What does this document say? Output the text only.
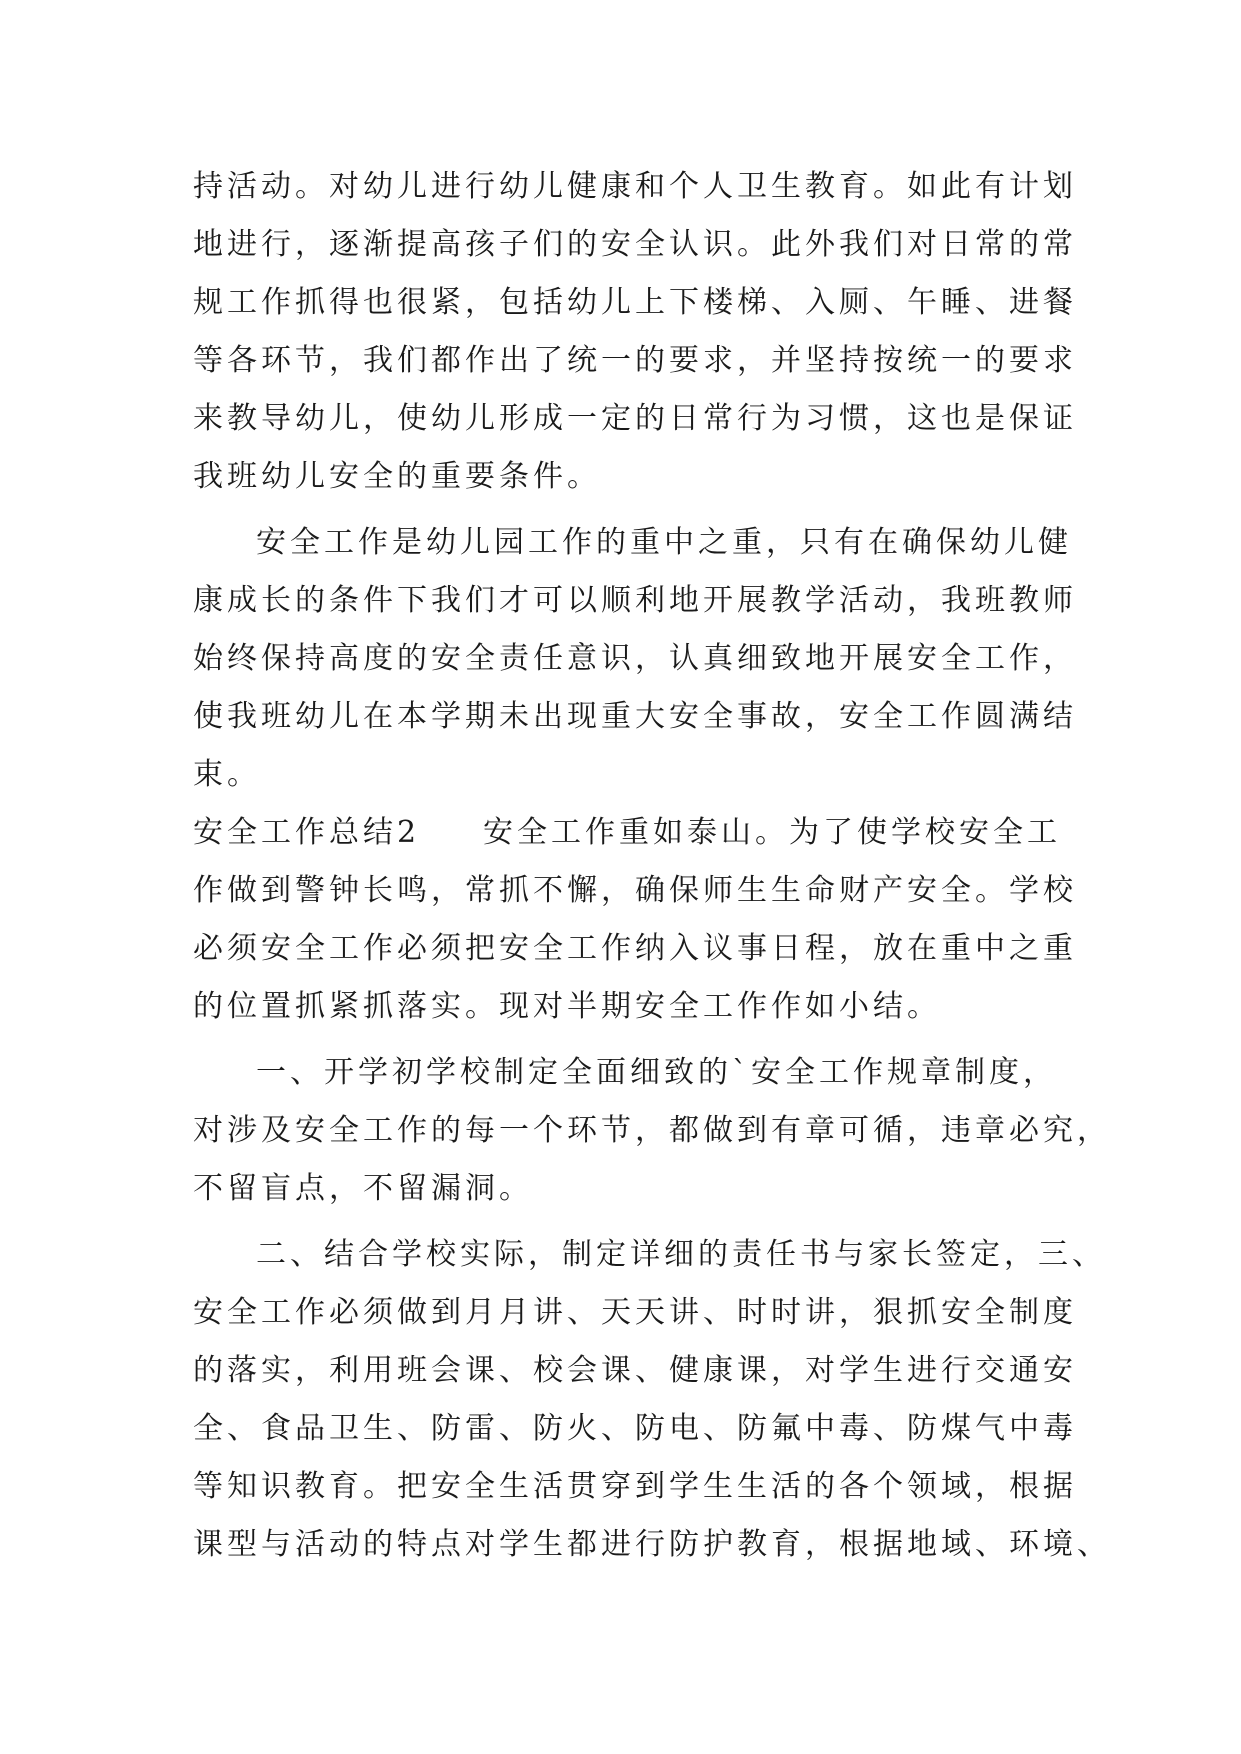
持活动。对幼儿进行幼儿健康和个人卫生教育。如此有计划
地进行，逐渐提高孩子们的安全认识。此外我们对日常的常
规工作抓得也很紧，包括幼儿上下楼梯、入厕、午睡、进餐
等各环节，我们都作出了统一的要求，并坚持按统一的要求
来教导幼儿，使幼儿形成一定的日常行为习惯，这也是保证
我班幼儿安全的重要条件。
安全工作是幼儿园工作的重中之重，只有在确保幼儿健
康成长的条件下我们才可以顺利地开展教学活动，我班教师
始终保持高度的安全责任意识，认真细致地开展安全工作，
使我班幼儿在本学期未出现重大安全事故，安全工作圆满结
束。
安全工作总结2 安全工作重如泰山。为了使学校安全工
作做到警钟长鸣，常抓不懈，确保师生生命财产安全。学校
必须安全工作必须把安全工作纳入议事日程，放在重中之重
的位置抓紧抓落实。现对半期安全工作作如小结。
一、开学初学校制定全面细致的`安全工作规章制度，
对涉及安全工作的每一个环节，都做到有章可循，违章必究，
不留盲点，不留漏洞。
二、结合学校实际，制定详细的责任书与家长签定，三、
安全工作必须做到月月讲、天天讲、时时讲，狠抓安全制度
的落实，利用班会课、校会课、健康课，对学生进行交通安
全、食品卫生、防雷、防火、防电、防氟中毒、防煤气中毒
等知识教育。把安全生活贯穿到学生生活的各个领域，根据
课型与活动的特点对学生都进行防护教育，根据地域、环境、
